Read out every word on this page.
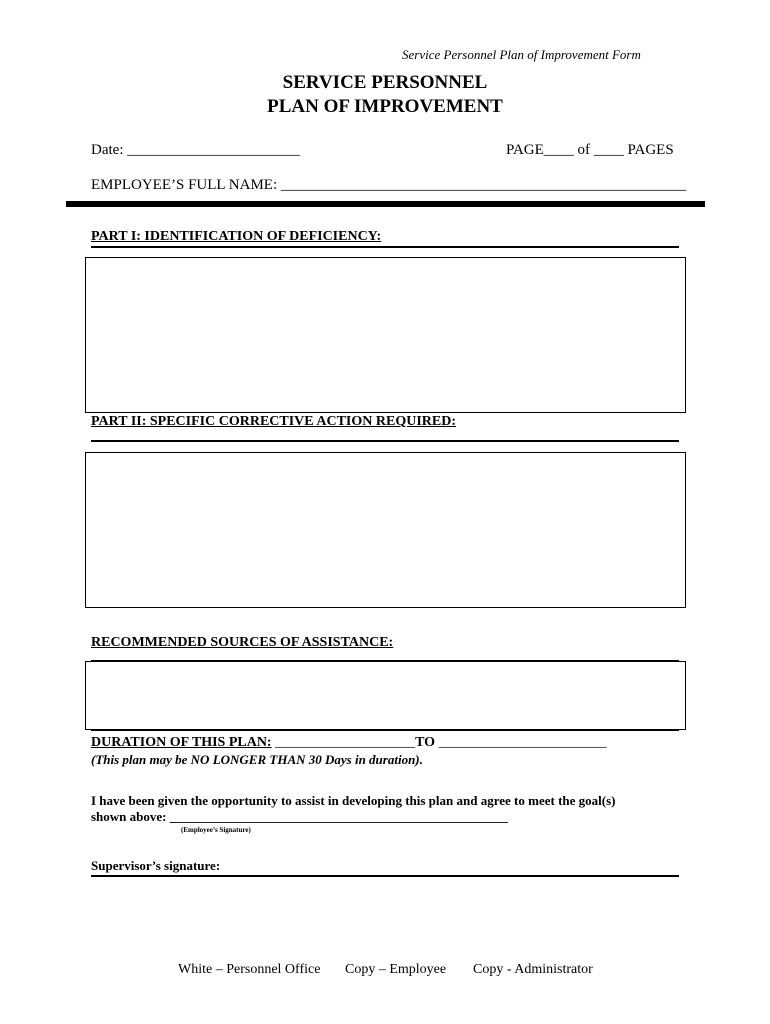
Service Personnel Plan of Improvement Form
SERVICE PERSONNEL
PLAN OF IMPROVEMENT
Date: _______________________	PAGE____ of ____ PAGES
EMPLOYEE’S FULL NAME: ______________________________________________________
PART I: IDENTIFICATION OF DEFICIENCY:
PART II: SPECIFIC CORRECTIVE ACTION REQUIRED:
RECOMMENDED SOURCES OF ASSISTANCE:
DURATION OF THIS PLAN: ____________________TO ________________________
(This plan may be NO LONGER THAN 30 Days in duration).
I have been given the opportunity to assist in developing this plan and agree to meet the goal(s)
shown above: ____________________________________________________
(Employee’s Signature)
Supervisor’s signature:
White – Personnel Office Copy – Employee Copy - Administrator
